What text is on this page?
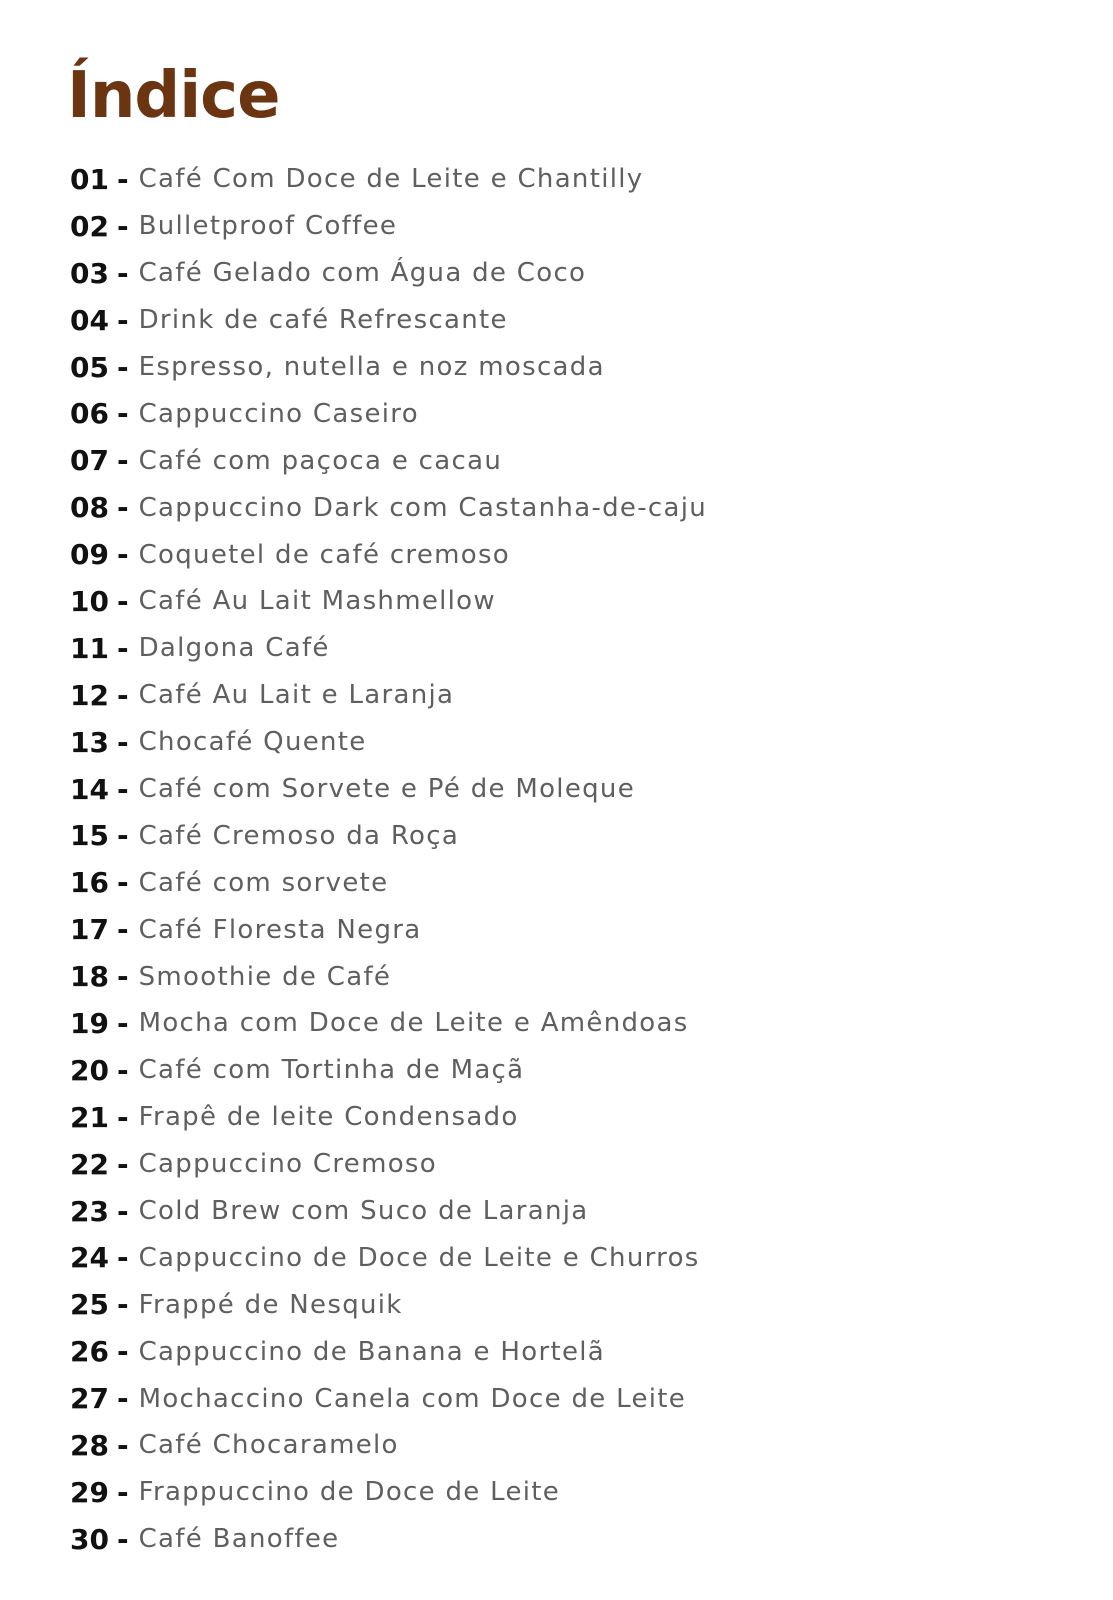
Índice
01 - Café Com Doce de Leite e Chantilly
02 - Bulletproof Coffee
03 - Café Gelado com Água de Coco
04 - Drink de café Refrescante
05 - Espresso, nutella e noz moscada
06 - Cappuccino Caseiro
07 - Café com paçoca e cacau
08 - Cappuccino Dark com Castanha-de-caju
09 - Coquetel de café cremoso
10 - Café Au Lait Mashmellow
11 - Dalgona Café
12 - Café Au Lait e Laranja
13 - Chocafé Quente
14 - Café com Sorvete e Pé de Moleque
15 - Café Cremoso da Roça
16 - Café com sorvete
17 - Café Floresta Negra
18 - Smoothie de Café
19 - Mocha com Doce de Leite e Amêndoas
20 - Café com Tortinha de Maçã
21 - Frapê de leite Condensado
22 - Cappuccino Cremoso
23 - Cold Brew com Suco de Laranja
24 - Cappuccino de Doce de Leite e Churros
25 - Frappé de Nesquik
26 - Cappuccino de Banana e Hortelã
27 - Mochaccino Canela com Doce de Leite
28 - Café Chocaramelo
29 - Frappuccino de Doce de Leite
30 - Café Banoffee
